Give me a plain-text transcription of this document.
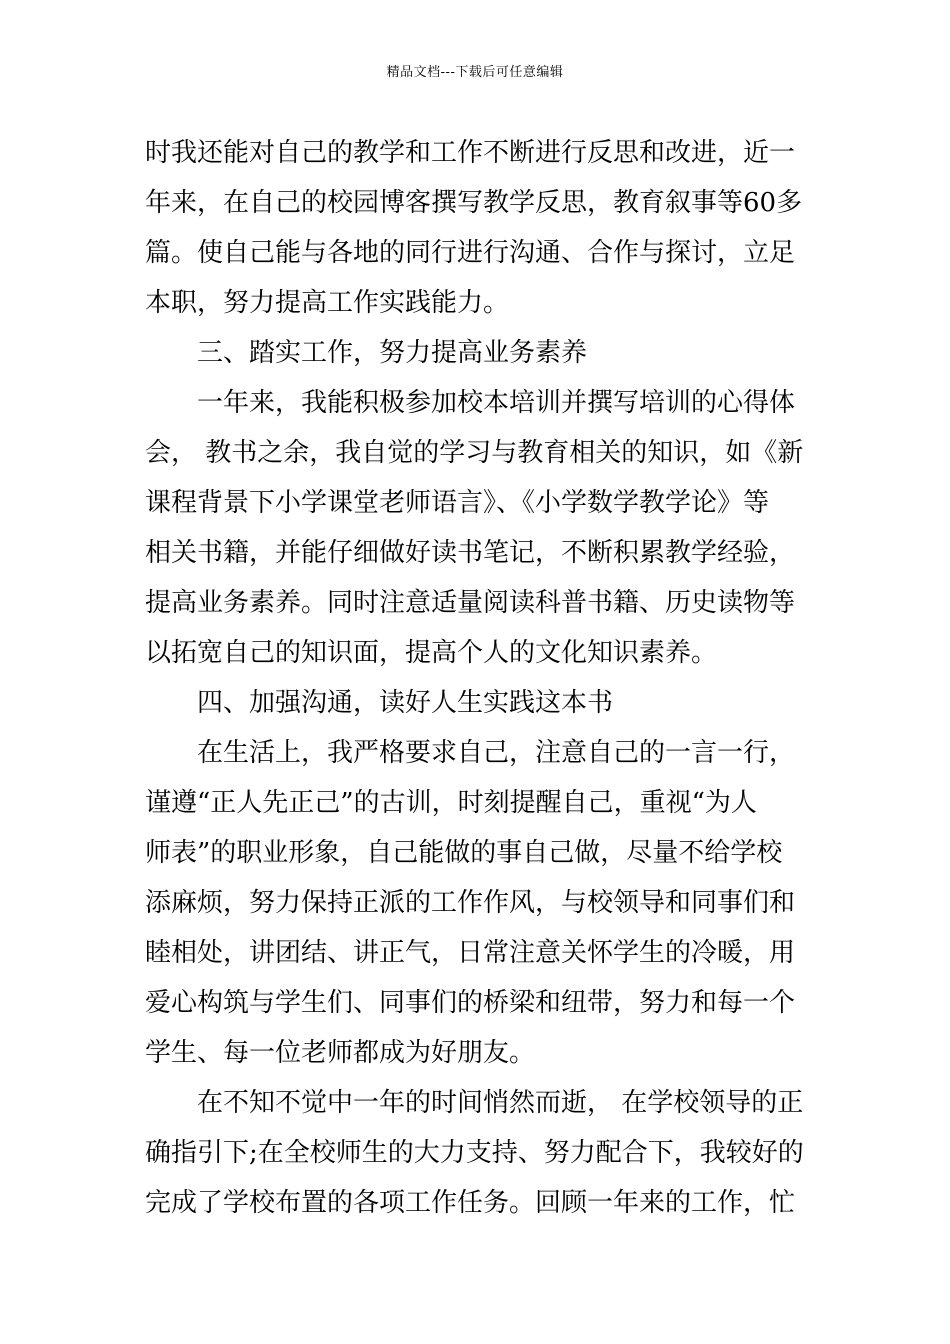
精品文档---下载后可任意编辑
时我还能对自己的教学和工作不断进行反思和改进，近一
年来，在自己的校园博客撰写教学反思，教育叙事等60多
篇。使自己能与各地的同行进行沟通、合作与探讨，立足
本职，努力提高工作实践能力。
三、踏实工作，努力提高业务素养
一年来，我能积极参加校本培训并撰写培训的心得体
会， 教书之余，我自觉的学习与教育相关的知识，如《新
课程背景下小学课堂老师语言》、《小学数学教学论》等
相关书籍，并能仔细做好读书笔记，不断积累教学经验，
提高业务素养。同时注意适量阅读科普书籍、历史读物等
以拓宽自己的知识面，提高个人的文化知识素养。
四、加强沟通，读好人生实践这本书
在生活上，我严格要求自己，注意自己的一言一行，
谨遵“正人先正己”的古训，时刻提醒自己，重视“为人
师表”的职业形象，自己能做的事自己做，尽量不给学校
添麻烦，努力保持正派的工作作风，与校领导和同事们和
睦相处，讲团结、讲正气，日常注意关怀学生的冷暖，用
爱心构筑与学生们、同事们的桥梁和纽带，努力和每一个
学生、每一位老师都成为好朋友。
在不知不觉中一年的时间悄然而逝， 在学校领导的正
确指引下;在全校师生的大力支持、努力配合下，我较好的
完成了学校布置的各项工作任务。回顾一年来的工作，忙
